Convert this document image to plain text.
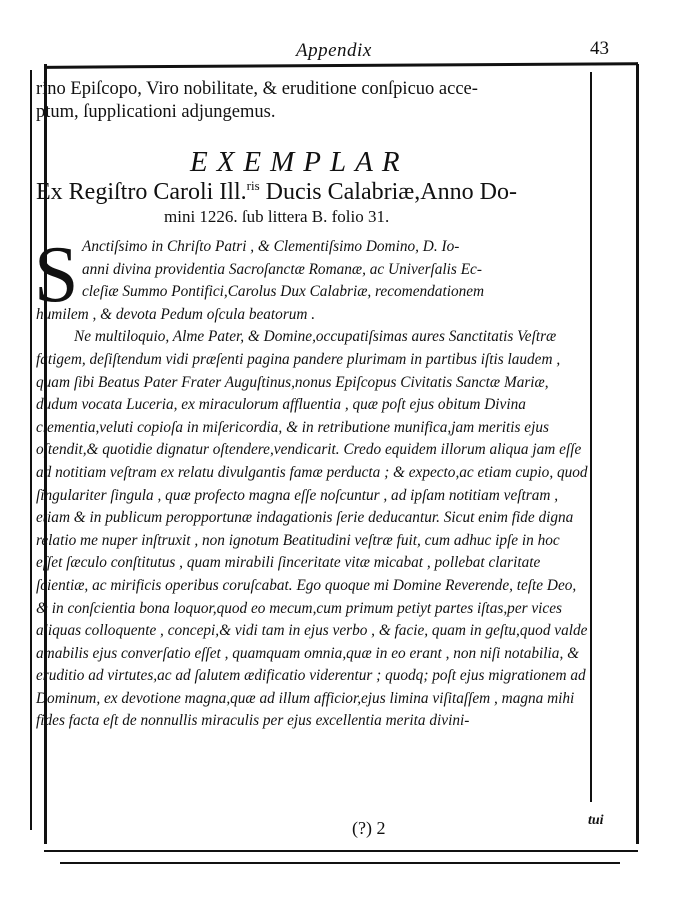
Appendix	43
rino Epiſcopo, Viro nobilitate, & eruditione conſpicuo acce-
ptum, ſupplicationi adjungemus.
EXEMPLAR
Ex Regiſtro Caroli Ill.$^{ris}$ Ducis Calabriæ,Anno Do-
mini 1226. ſub littera B. folio 31.
S Anctiſsimo in Chriſto Patri , & Clementiſsimo Domino, D. Io-
anni divina providentia Sacroſanctæ Romanæ, ac Univerſalis Ec-
cleſiæ Summo Pontifici,Carolus Dux Calabriæ, recomendationem

humilem , & devota Pedum oſcula beatorum .

Ne multiloquio, Alme Pater, & Domine,occupatiſsimas aures Sanctitatis Veſtræ fatigem, deſiſtendum vidi præſenti pagina pandere plurimam in partibus iſtis laudem , quam ſibi Beatus Pater Frater Auguſtinus,nonus Epiſcopus Civitatis Sanctæ Mariæ, dudum vocata Luceria, ex miraculorum affluentia , quæ poſt ejus obitum Divina clementia,veluti copioſa in miſericordia, & in retributione munifica,jam meritis ejus oſtendit,& quotidie dignatur oſtendere,vendicarit. Credo equidem illorum aliqua jam eſſe ad notitiam veſtram ex relatu divulgantis famæ perducta ; & expecto,ac etiam cupio, quod ſingulariter ſingula , quæ profecto magna eſſe noſcuntur , ad ipſam notitiam veſtram , etiam & in publicum peropportunæ indagationis ſerie deducantur. Sicut enim fide digna relatio me nuper inſtruxit , non ignotum Beatitudini veſtræ fuit, cum adhuc ipſe in hoc eſſet ſæculo conſtitutus , quam mirabili ſinceritate vitæ micabat , pollebat claritate ſcientiæ, ac mirificis operibus coruſcabat. Ego quoque mi Domine Reverende, teſte Deo, & in conſcientia bona loquor,quod eo mecum,cum primum petiyt partes iſtas,per vices aliquas colloquente , concepi,& vidi tam in ejus verbo , & facie, quam in geſtu,quod valde amabilis ejus converſatio eſſet , quamquam omnia,quæ in eo erant , non niſi notabilia, & eruditio ad virtutes,ac ad ſalutem ædificatio viderentur ; quodq; poſt ejus migrationem ad Dominum, ex devotione magna,quæ ad illum afficior,ejus limina viſitaſſem , magna mihi fides facta eſt de nonnullis miraculis per ejus excellentia merita divini-

(?) 2	tui
